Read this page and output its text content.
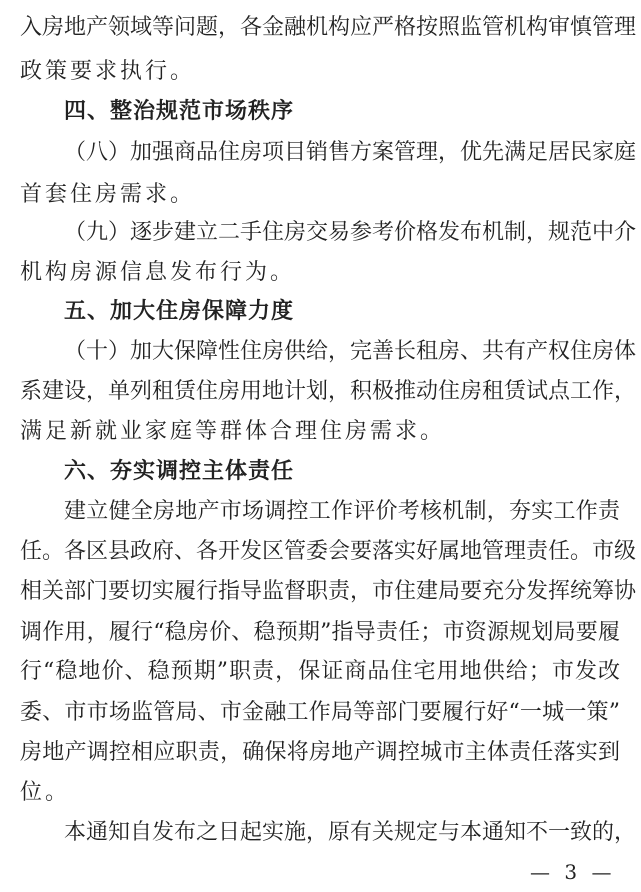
入房地产领域等问题，各金融机构应严格按照监管机构审慎管理
政策要求执行。
四、整治规范市场秩序
（八）加强商品住房项目销售方案管理，优先满足居民家庭
首套住房需求。
（九）逐步建立二手住房交易参考价格发布机制，规范中介
机构房源信息发布行为。
五、加大住房保障力度
（十）加大保障性住房供给，完善长租房、共有产权住房体
系建设，单列租赁住房用地计划，积极推动住房租赁试点工作，
满足新就业家庭等群体合理住房需求。
六、夯实调控主体责任
建立健全房地产市场调控工作评价考核机制，夯实工作责
任。各区县政府、各开发区管委会要落实好属地管理责任。市级
相关部门要切实履行指导监督职责，市住建局要充分发挥统筹协
调作用，履行“稳房价、稳预期”指导责任；市资源规划局要履
行“稳地价、稳预期”职责，保证商品住宅用地供给；市发改
委、市市场监管局、市金融工作局等部门要履行好“一城一策”
房地产调控相应职责，确保将房地产调控城市主体责任落实到
位。
本通知自发布之日起实施，原有关规定与本通知不一致的，
— 3 —
